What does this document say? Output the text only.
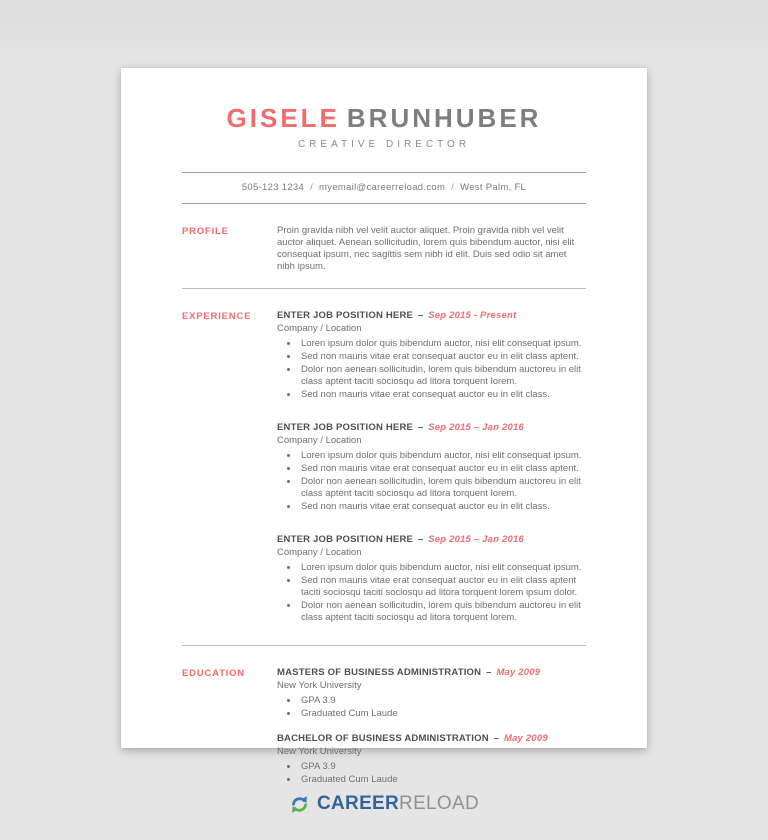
GISELE BRUNHUBER
CREATIVE DIRECTOR
505-123 1234 / myemail@careerreload.com / West Palm, FL
PROFILE	Proin gravida nibh vel velit auctor aliquet. Proin gravida nibh vel velit auctor aliquet. Aenean sollicitudin, lorem quis bibendum auctor, nisi elit consequat ipsum, nec sagittis sem nibh id elit. Duis sed odio sit amet nibh ipsum.
EXPERIENCE	ENTER JOB POSITION HERE – Sep 2015 - Present
Company / Location
• Loren ipsum dolor quis bibendum auctor, nisi elit consequat ipsum.
• Sed non mauris vitae erat consequat auctor eu in elit class aptent.
• Dolor non aenean sollicitudin, lorem quis bibendum auctoreu in elit class aptent taciti sociosqu ad litora torquent lorem.
• Sed non mauris vitae erat consequat auctor eu in elit class.
ENTER JOB POSITION HERE – Sep 2015 – Jan 2016
Company / Location
• Loren ipsum dolor quis bibendum auctor, nisi elit consequat ipsum.
• Sed non mauris vitae erat consequat auctor eu in elit class aptent.
• Dolor non aenean sollicitudin, lorem quis bibendum auctoreu in elit class aptent taciti sociosqu ad litora torquent lorem.
• Sed non mauris vitae erat consequat auctor eu in elit class.
ENTER JOB POSITION HERE – Sep 2015 – Jan 2016
Company / Location
• Loren ipsum dolor quis bibendum auctor, nisi elit consequat ipsum.
• Sed non mauris vitae erat consequat auctor eu in elit class aptent taciti sociosqu taciti sociosqu ad litora torquent lorem ipsum dolor.
• Dolor non aenean sollicitudin, lorem quis bibendum auctoreu in elit class aptent taciti sociosqu ad litora torquent lorem.
EDUCATION	MASTERS OF BUSINESS ADMINISTRATION – May 2009
New York University
• GPA 3.9
• Graduated Cum Laude
BACHELOR OF BUSINESS ADMINISTRATION – May 2009
New York University
• GPA 3.9
• Graduated Cum Laude
CAREERRELOAD
